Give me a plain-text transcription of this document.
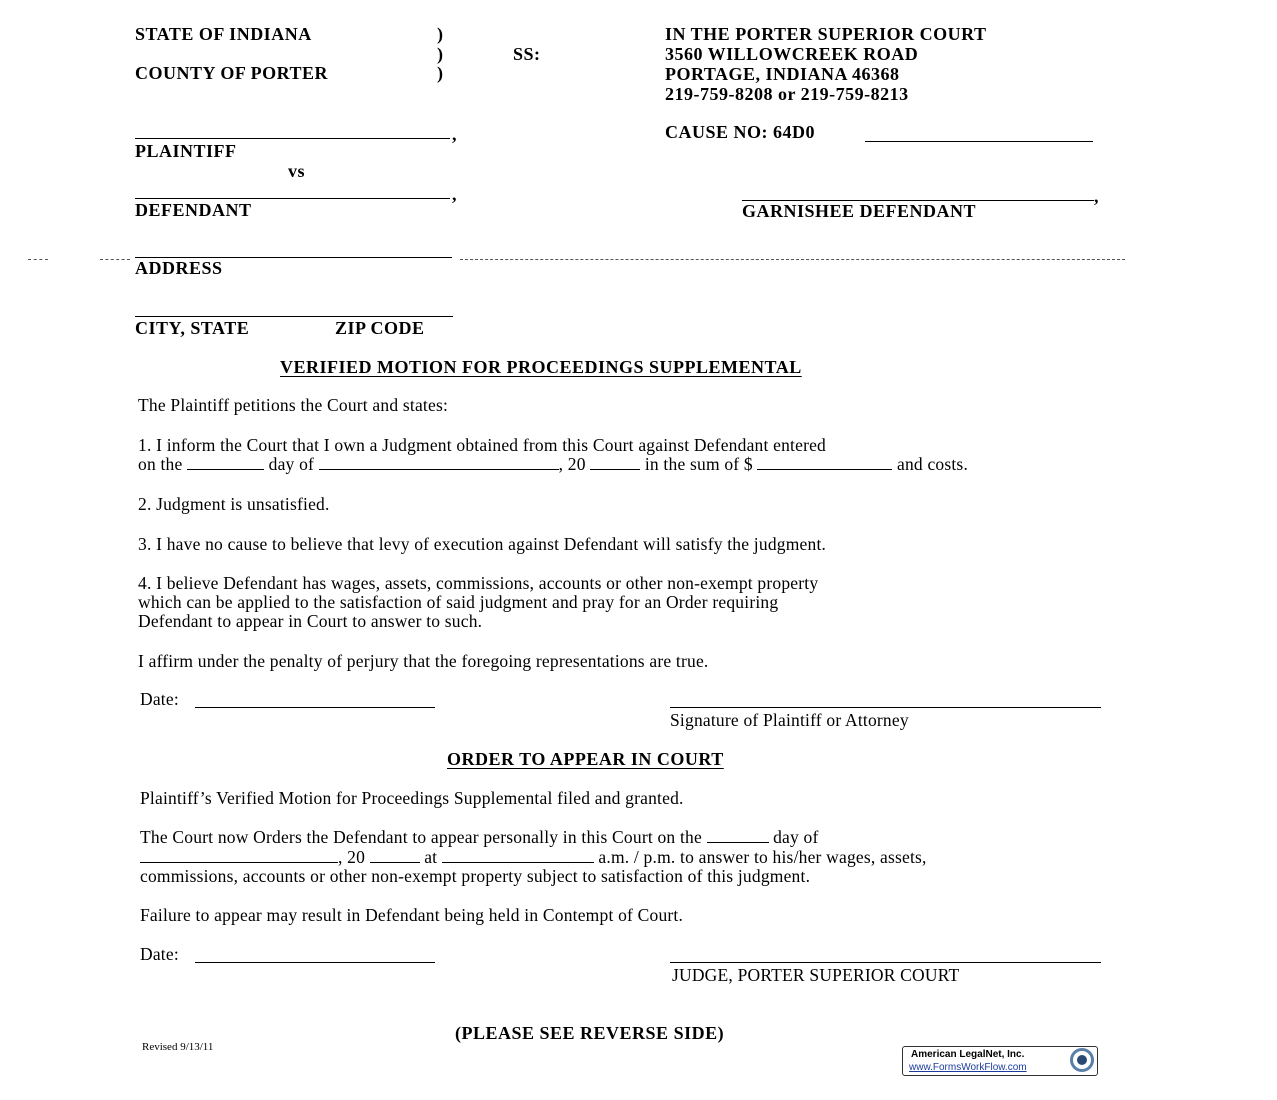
STATE OF INDIANA
COUNTY OF PORTER
)
)
)
SS:
IN THE PORTER SUPERIOR COURT
3560 WILLOWCREEK ROAD
PORTAGE, INDIANA 46368
219-759-8208 or 219-759-8213
CAUSE NO: 64D0
,
PLAINTIFF
vs
,
DEFENDANT
,
GARNISHEE DEFENDANT
ADDRESS
CITY, STATE	ZIP CODE
VERIFIED MOTION FOR PROCEEDINGS SUPPLEMENTAL
The Plaintiff petitions the Court and states:
1. I inform the Court that I own a Judgment obtained from this Court against Defendant entered
on the	day of	, 20	in the sum of $	and costs.
2. Judgment is unsatisfied.
3. I have no cause to believe that levy of execution against Defendant will satisfy the judgment.
4. I believe Defendant has wages, assets, commissions, accounts or other non-exempt property
which can be applied to the satisfaction of said judgment and pray for an Order requiring
Defendant to appear in Court to answer to such.
I affirm under the penalty of perjury that the foregoing representations are true.
Date:
Signature of Plaintiff or Attorney
ORDER TO APPEAR IN COURT
Plaintiff’s Verified Motion for Proceedings Supplemental filed and granted.
The Court now Orders the Defendant to appear personally in this Court on the	day of
, 20	at	a.m. / p.m. to answer to his/her wages, assets,
commissions, accounts or other non-exempt property subject to satisfaction of this judgment.
Failure to appear may result in Defendant being held in Contempt of Court.
Date:
JUDGE, PORTER SUPERIOR COURT
(PLEASE SEE REVERSE SIDE)
Revised 9/13/11
American LegalNet, Inc.
www.FormsWorkFlow.com
